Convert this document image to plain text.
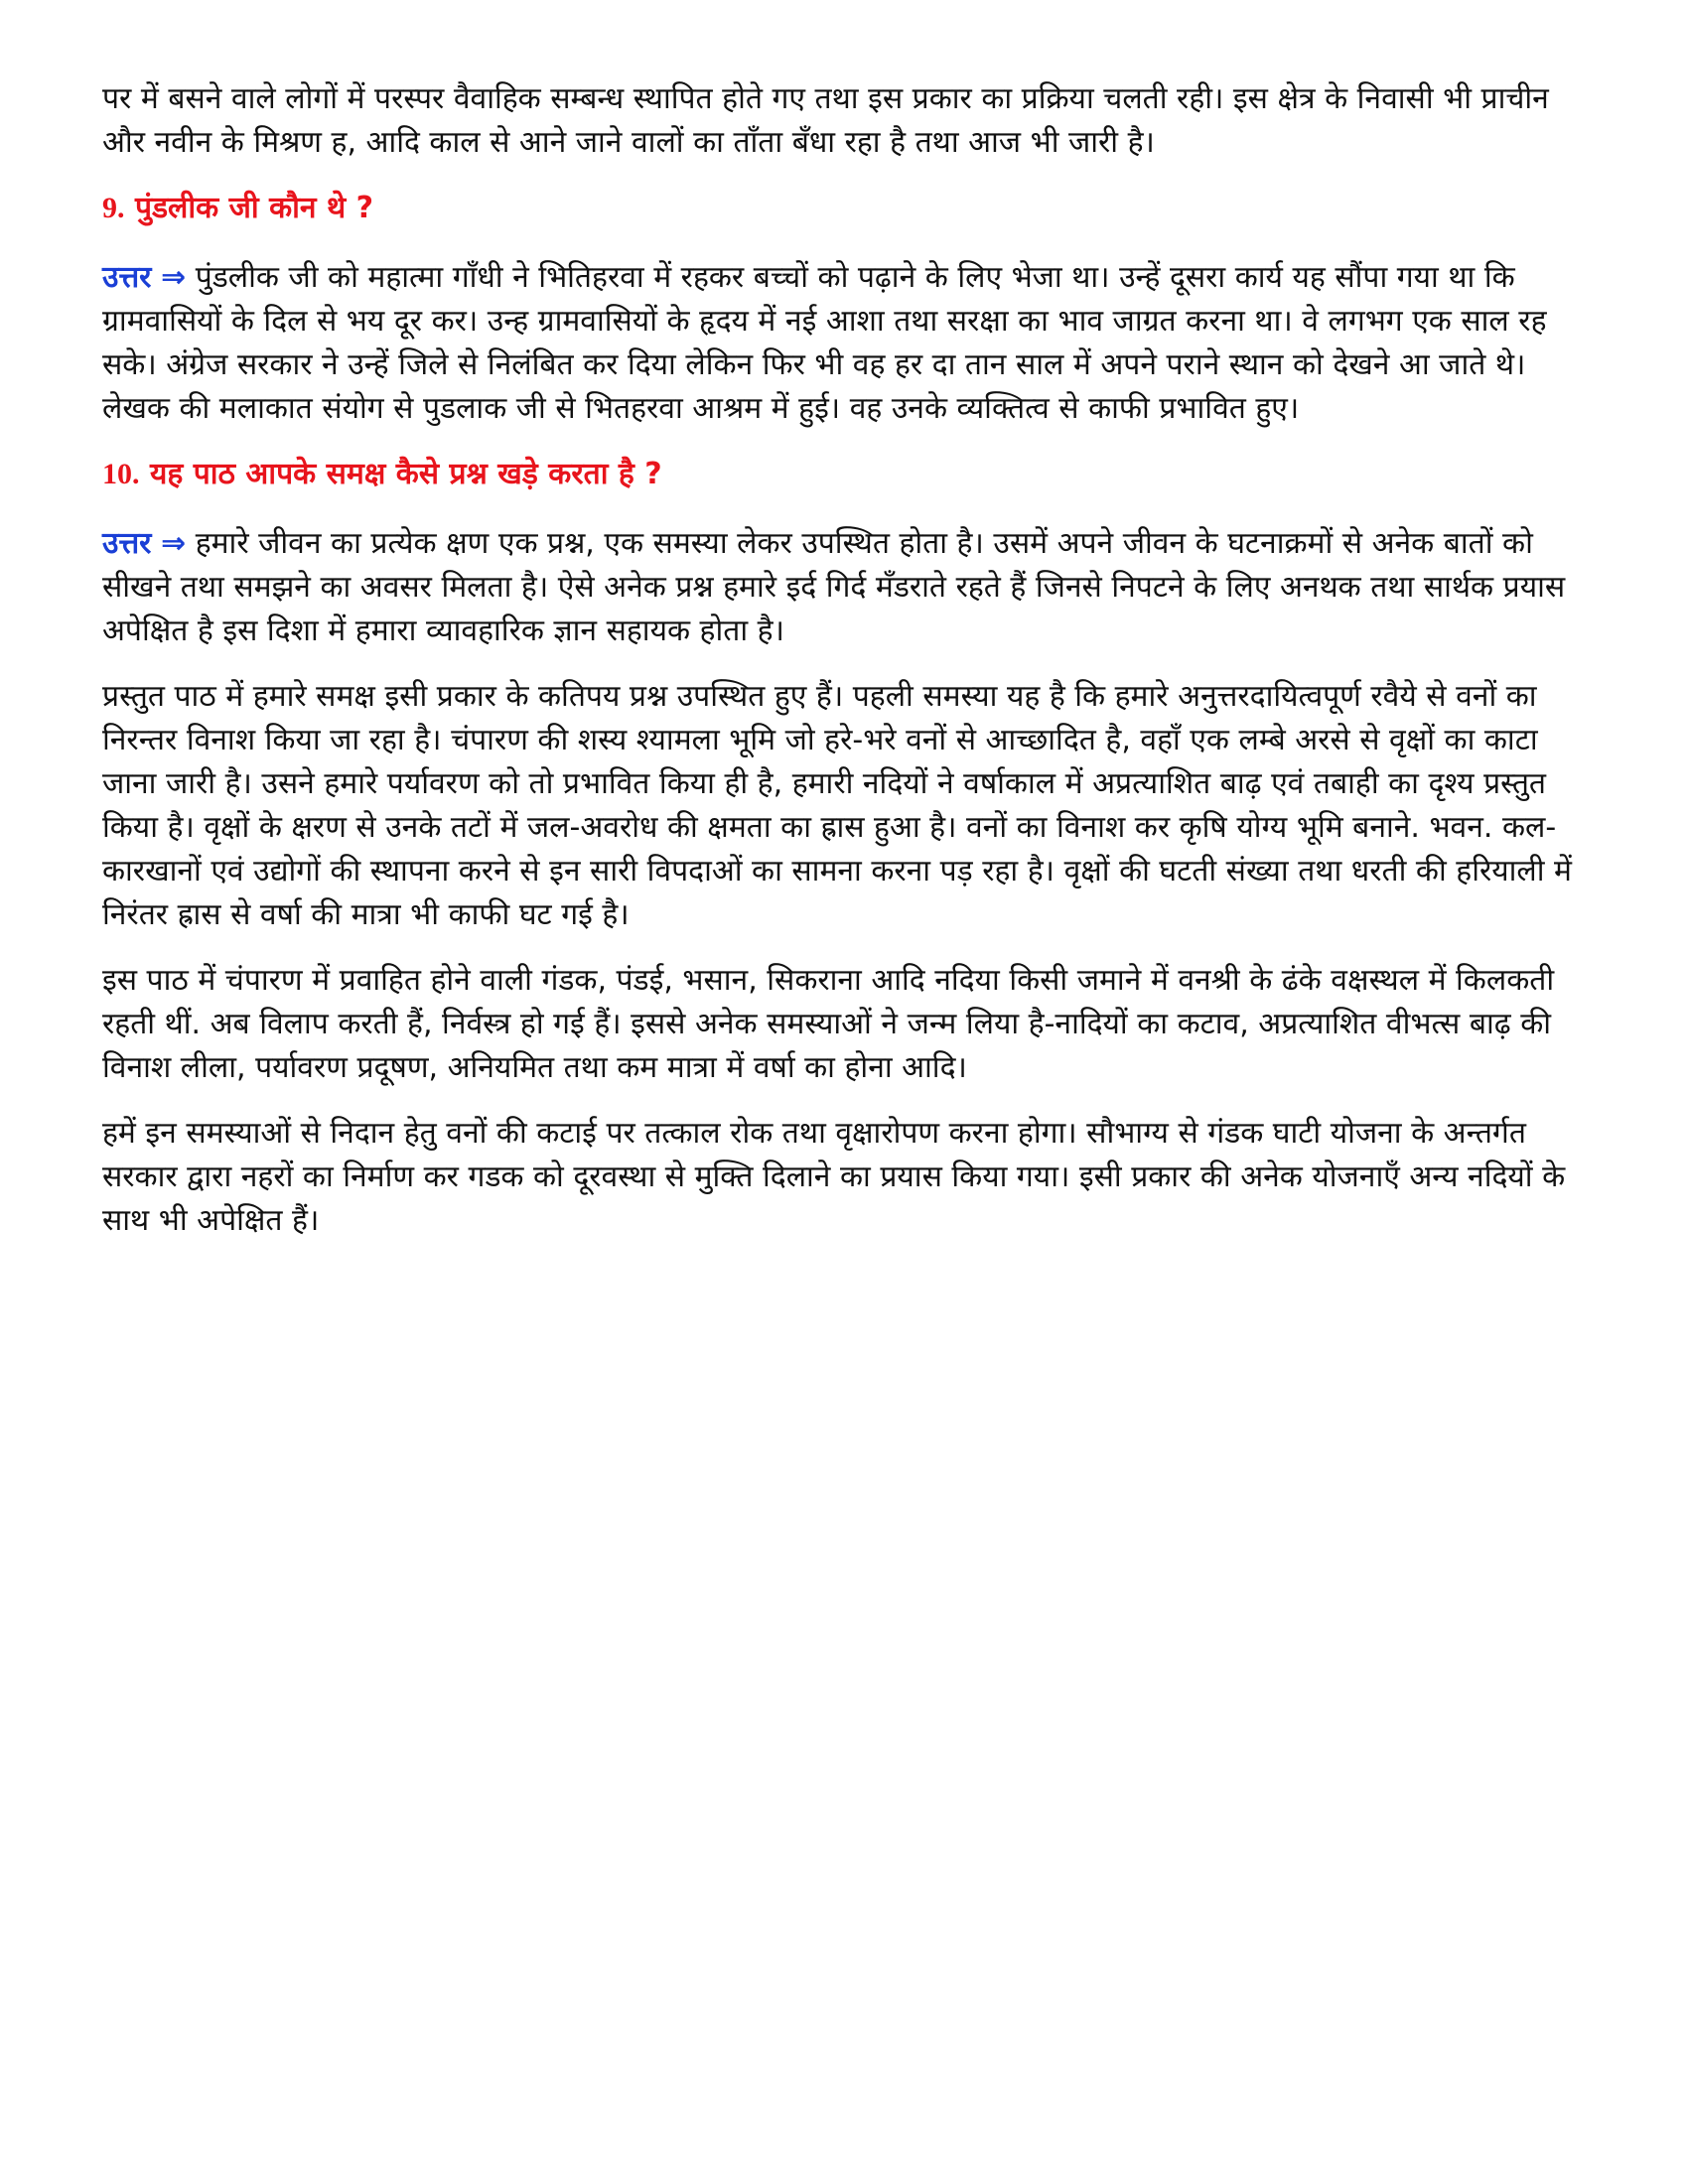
पर में बसने वाले लोगों में परस्पर वैवाहिक सम्बन्ध स्थापित होते गए तथा इस प्रकार का प्रक्रिया चलती रही। इस क्षेत्र के निवासी भी प्राचीन और नवीन के मिश्रण ह, आदि काल से आने जाने वालों का ताँता बँधा रहा है तथा आज भी जारी है।

9. पुंडलीक जी कौन थे ?

उत्तर ⇒ पुंडलीक जी को महात्मा गाँधी ने भितिहरवा में रहकर बच्चों को पढ़ाने के लिए भेजा था। उन्हें दूसरा कार्य यह सौंपा गया था कि ग्रामवासियों के दिल से भय दूर कर। उन्ह ग्रामवासियों के हृदय में नई आशा तथा सरक्षा का भाव जाग्रत करना था। वे लगभग एक साल रह सके। अंग्रेज सरकार ने उन्हें जिले से निलंबित कर दिया लेकिन फिर भी वह हर दा तान साल में अपने पराने स्थान को देखने आ जाते थे। लेखक की मलाकात संयोग से पुडलाक जी से भितहरवा आश्रम में हुई। वह उनके व्यक्तित्व से काफी प्रभावित हुए।

10. यह पाठ आपके समक्ष कैसे प्रश्न खड़े करता है ?

उत्तर ⇒ हमारे जीवन का प्रत्येक क्षण एक प्रश्न, एक समस्या लेकर उपस्थित होता है। उसमें अपने जीवन के घटनाक्रमों से अनेक बातों को सीखने तथा समझने का अवसर मिलता है। ऐसे अनेक प्रश्न हमारे इर्द गिर्द मँडराते रहते हैं जिनसे निपटने के लिए अनथक तथा सार्थक प्रयास अपेक्षित है इस दिशा में हमारा व्यावहारिक ज्ञान सहायक होता है।

प्रस्तुत पाठ में हमारे समक्ष इसी प्रकार के कतिपय प्रश्न उपस्थित हुए हैं। पहली समस्या यह है कि हमारे अनुत्तरदायित्वपूर्ण रवैये से वनों का निरन्तर विनाश किया जा रहा है। चंपारण की शस्य श्यामला भूमि जो हरे-भरे वनों से आच्छादित है, वहाँ एक लम्बे अरसे से वृक्षों का काटा जाना जारी है। उसने हमारे पर्यावरण को तो प्रभावित किया ही है, हमारी नदियों ने वर्षाकाल में अप्रत्याशित बाढ़ एवं तबाही का दृश्य प्रस्तुत किया है। वृक्षों के क्षरण से उनके तटों में जल-अवरोध की क्षमता का ह्रास हुआ है। वनों का विनाश कर कृषि योग्य भूमि बनाने. भवन. कल-कारखानों एवं उद्योगों की स्थापना करने से इन सारी विपदाओं का सामना करना पड़ रहा है। वृक्षों की घटती संख्या तथा धरती की हरियाली में निरंतर ह्रास से वर्षा की मात्रा भी काफी घट गई है।

इस पाठ में चंपारण में प्रवाहित होने वाली गंडक, पंडई, भसान, सिकराना आदि नदिया किसी जमाने में वनश्री के ढंके वक्षस्थल में किलकती रहती थीं. अब विलाप करती हैं, निर्वस्त्र हो गई हैं। इससे अनेक समस्याओं ने जन्म लिया है-नादियों का कटाव, अप्रत्याशित वीभत्स बाढ़ की विनाश लीला, पर्यावरण प्रदूषण, अनियमित तथा कम मात्रा में वर्षा का होना आदि।

हमें इन समस्याओं से निदान हेतु वनों की कटाई पर तत्काल रोक तथा वृक्षारोपण करना होगा। सौभाग्य से गंडक घाटी योजना के अन्तर्गत सरकार द्वारा नहरों का निर्माण कर गडक को दूरवस्था से मुक्ति दिलाने का प्रयास किया गया। इसी प्रकार की अनेक योजनाएँ अन्य नदियों के साथ भी अपेक्षित हैं।
